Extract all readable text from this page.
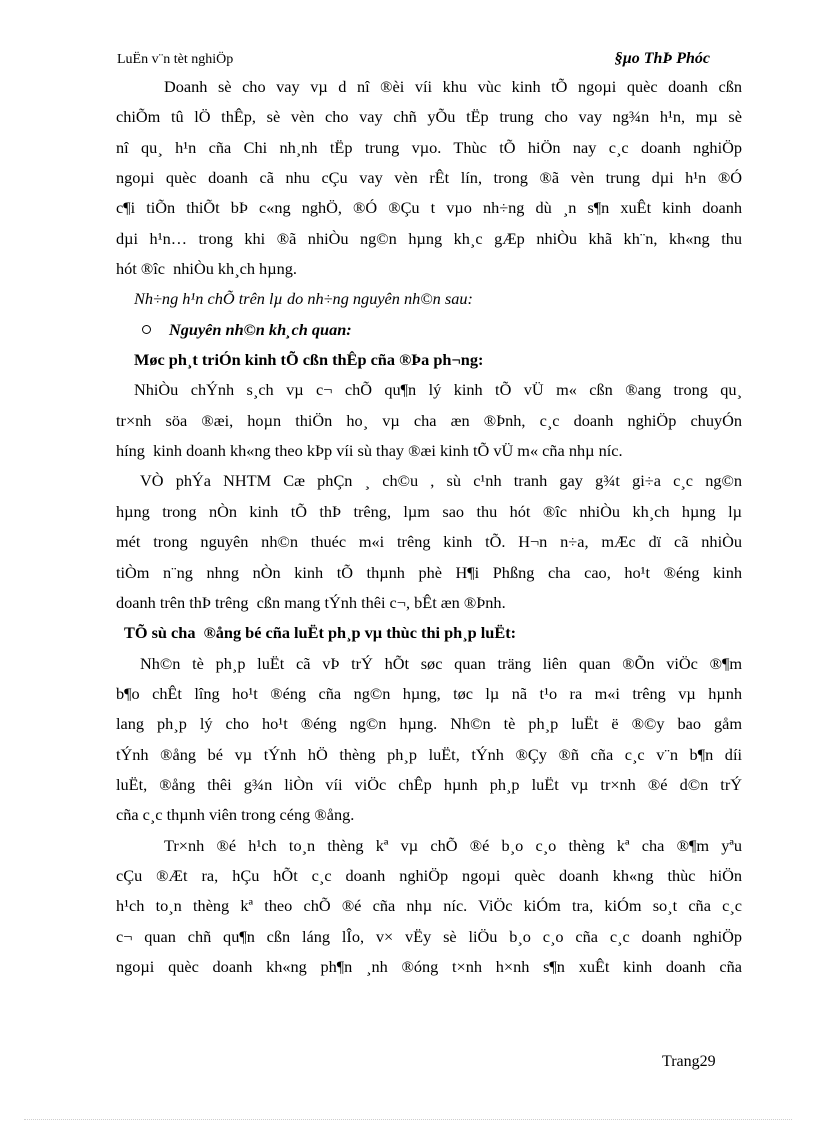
LuËn v¨n tèt nghiÖp	§µo ThÞ Phóc
Doanh sè cho vay vµ d nî ®èi víi khu vùc kinh tÕ ngoµi quèc doanh cßn
chiÕm tû lÖ thÊp, sè vèn cho vay chñ yÕu tËp trung cho vay ng¾n h¹n, mµ sè
nî qu¸ h¹n cña Chi nh¸nh tËp trung vµo. Thùc tÕ hiÖn nay c¸c doanh nghiÖp
ngoµi quèc doanh cã nhu cÇu vay vèn rÊt lín, trong ®ã vèn trung dµi h¹n ®Ó
c¶i tiÕn thiÕt bÞ c«ng nghÖ, ®Ó ®Çu t vµo nh÷ng dù ¸n s¶n xuÊt kinh doanh
dµi h¹n… trong khi ®ã nhiÒu ng©n hµng kh¸c gÆp nhiÒu khã kh¨n, kh«ng thu
hót ®îc  nhiÒu kh¸ch hµng.
Nh÷ng h¹n chÕ trên lµ do nh÷ng nguyên nh©n sau:
Nguyên nh©n kh¸ch quan:
Møc ph¸t triÓn kinh tÕ cßn thÊp cña ®Þa ph¬ng:
NhiÒu chÝnh s¸ch vµ c¬ chÕ qu¶n lý kinh tÕ vÜ m« cßn ®ang trong qu¸
tr×nh söa ®æi, hoµn thiÖn ho¸ vµ cha æn ®Þnh, c¸c doanh nghiÖp chuyÓn
híng  kinh doanh kh«ng theo kÞp víi sù thay ®æi kinh tÕ vÜ m« cña nhµ níc.
VÒ phÝa NHTM Cæ phÇn ¸ ch©u , sù c¹nh tranh gay g¾t gi÷a c¸c ng©n
hµng trong nÒn kinh tÕ thÞ trêng, lµm sao thu hót ®îc nhiÒu kh¸ch hµng lµ
mét trong nguyên nh©n thuéc m«i trêng kinh tÕ. H¬n n÷a, mÆc dï cã nhiÒu
tiÒm n¨ng nhng nÒn kinh tÕ thµnh phè H¶i Phßng cha cao, ho¹t ®éng kinh
doanh trên thÞ trêng  cßn mang tÝnh thêi c¬, bÊt æn ®Þnh.
TÕ sù cha  ®ång bé cña luËt ph¸p vµ thùc thi ph¸p luËt:
Nh©n tè ph¸p luËt cã vÞ trÝ hÕt søc quan träng liên quan ®Õn viÖc ®¶m
b¶o chÊt lîng ho¹t ®éng cña ng©n hµng, tøc lµ nã t¹o ra m«i trêng vµ hµnh
lang ph¸p lý cho ho¹t ®éng ng©n hµng. Nh©n tè ph¸p luËt ë ®©y bao gåm
tÝnh ®ång bé vµ tÝnh hÖ thèng ph¸p luËt, tÝnh ®Çy ®ñ cña c¸c v¨n b¶n díi
luËt, ®ång thêi g¾n liÒn víi viÖc chÊp hµnh ph¸p luËt vµ tr×nh ®é d©n trÝ
cña c¸c thµnh viên trong céng ®ång.
Tr×nh ®é h¹ch to¸n thèng kª vµ chÕ ®é b¸o c¸o thèng kª cha ®¶m yªu
cÇu ®Æt ra, hÇu hÕt c¸c doanh nghiÖp ngoµi quèc doanh kh«ng thùc hiÖn
h¹ch to¸n thèng kª theo chÕ ®é cña nhµ níc. ViÖc kiÓm tra, kiÓm so¸t cña c¸c
c¬ quan chñ qu¶n cßn láng lÎo, v× vËy sè liÖu b¸o c¸o cña c¸c doanh nghiÖp
ngoµi quèc doanh kh«ng ph¶n ¸nh ®óng t×nh h×nh s¶n xuÊt kinh doanh cña
Trang29
